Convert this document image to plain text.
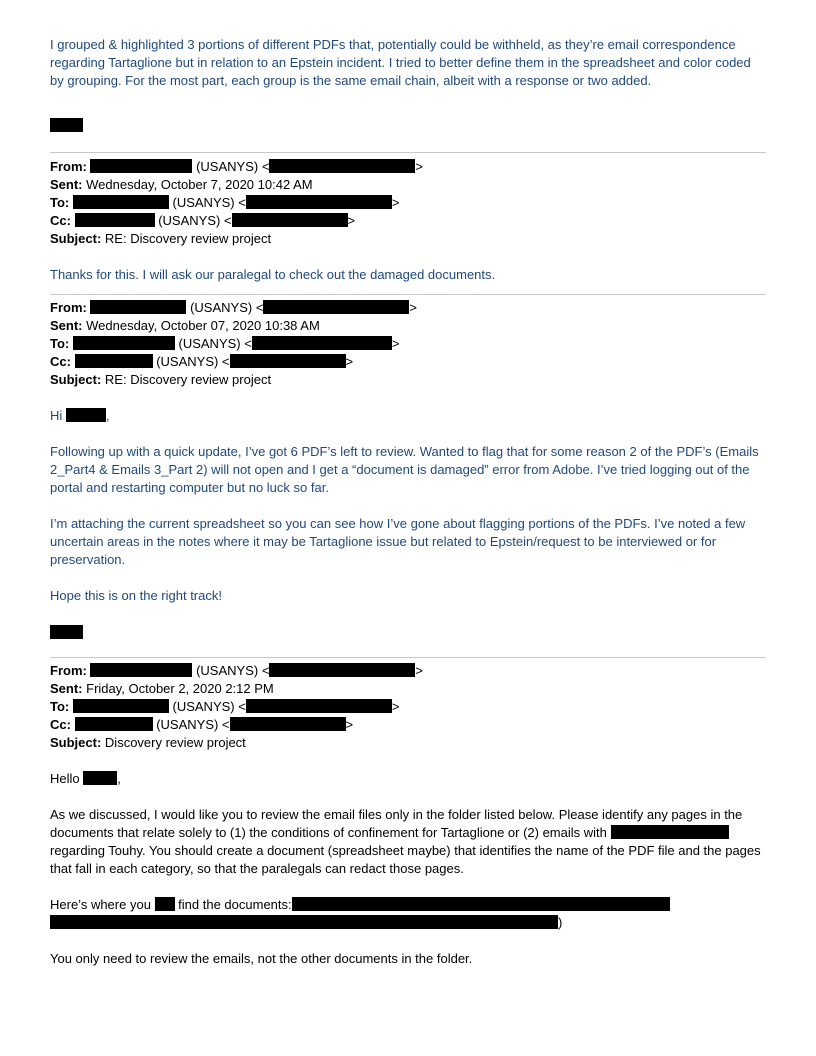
I grouped & highlighted 3 portions of different PDFs that, potentially could be withheld, as they’re email correspondence regarding Tartaglione but in relation to an Epstein incident. I tried to better define them in the spreadsheet and color coded by grouping. For the most part, each group is the same email chain, albeit with a response or two added.

From:	(USANYS) <	>
Sent: Wednesday, October 7, 2020 10:42 AM
To:	(USANYS) <	>
Cc:	(USANYS) <	>
Subject: RE: Discovery review project

Thanks for this. I will ask our paralegal to check out the damaged documents.

From:	(USANYS) <	>
Sent: Wednesday, October 07, 2020 10:38 AM
To:	(USANYS) <	>
Cc:	(USANYS) <	>
Subject: RE: Discovery review project

Hi	,

Following up with a quick update, I’ve got 6 PDF’s left to review. Wanted to flag that for some reason 2 of the PDF’s (Emails 2_Part4 & Emails 3_Part 2) will not open and I get a “document is damaged” error from Adobe. I’ve tried logging out of the portal and restarting computer but no luck so far.

I’m attaching the current spreadsheet so you can see how I’ve gone about flagging portions of the PDFs. I’ve noted a few uncertain areas in the notes where it may be Tartaglione issue but related to Epstein/request to be interviewed or for preservation.

Hope this is on the right track!

From:	(USANYS) <	>
Sent: Friday, October 2, 2020 2:12 PM
To:	(USANYS) <	>
Cc:	(USANYS) <	>
Subject: Discovery review project

Hello	,

As we discussed, I would like you to review the email files only in the folder listed below. Please identify any pages in the documents that relate solely to (1) the conditions of confinement for Tartaglione or (2) emails with  regarding Touhy. You should create a document (spreadsheet maybe) that identifies the name of the PDF file and the pages that fall in each category, so that the paralegals can redact those pages.

Here’s where you find the documents:
)

You only need to review the emails, not the other documents in the folder.
